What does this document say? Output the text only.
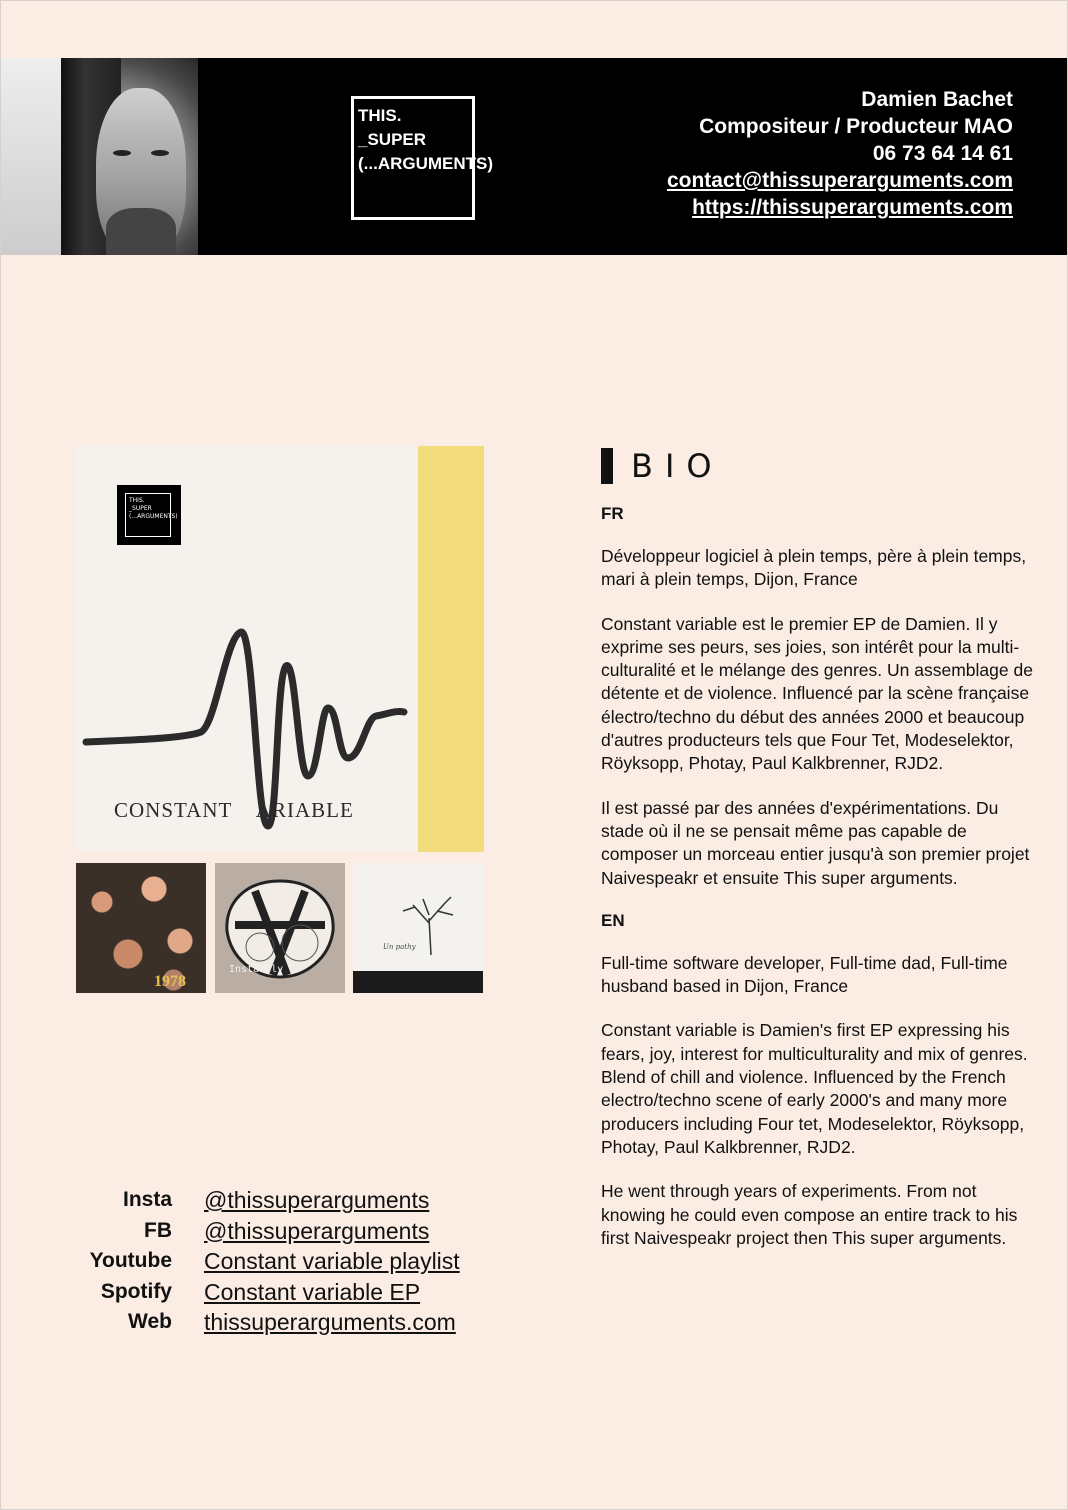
THIS.
_SUPER
(...ARGUMENTS)
Damien Bachet
Compositeur / Producteur MAO
06 73 64 14 61
contact@thissuperarguments.com
https://thissuperarguments.com
THIS.
_SUPER
(...ARGUMENTS)
CONSTANT    ARIABLE
1978
Instantly
Un pathy
Insta @thissuperarguments
FB @thissuperarguments
Youtube Constant variable playlist
Spotify Constant variable EP
Web thissuperarguments.com
BIO
FR

Développeur logiciel à plein temps, père à plein temps, mari à plein temps, Dijon, France

Constant variable est le premier EP de Damien. Il y exprime ses peurs, ses joies, son intérêt pour la multi-culturalité et le mélange des genres. Un assemblage de détente et de violence. Influencé par la scène française électro/techno du début des années 2000 et beaucoup d'autres producteurs tels que Four Tet, Modeselektor, Röyksopp, Photay, Paul Kalkbrenner, RJD2.

Il est passé par des années d'expérimentations. Du stade où il ne se pensait même pas capable de composer un morceau entier jusqu'à son premier projet Naivespeakr et ensuite This super arguments.

EN

Full-time software developer, Full-time dad, Full-time husband based in Dijon, France

Constant variable is Damien's first EP expressing his fears, joy, interest for multiculturality and mix of genres. Blend of chill and violence. Influenced by the French electro/techno scene of early 2000's and many more producers including Four tet, Modeselektor, Röyksopp, Photay, Paul Kalkbrenner, RJD2.

He went through years of experiments. From not knowing he could even compose an entire track to his first Naivespeakr project then This super arguments.
